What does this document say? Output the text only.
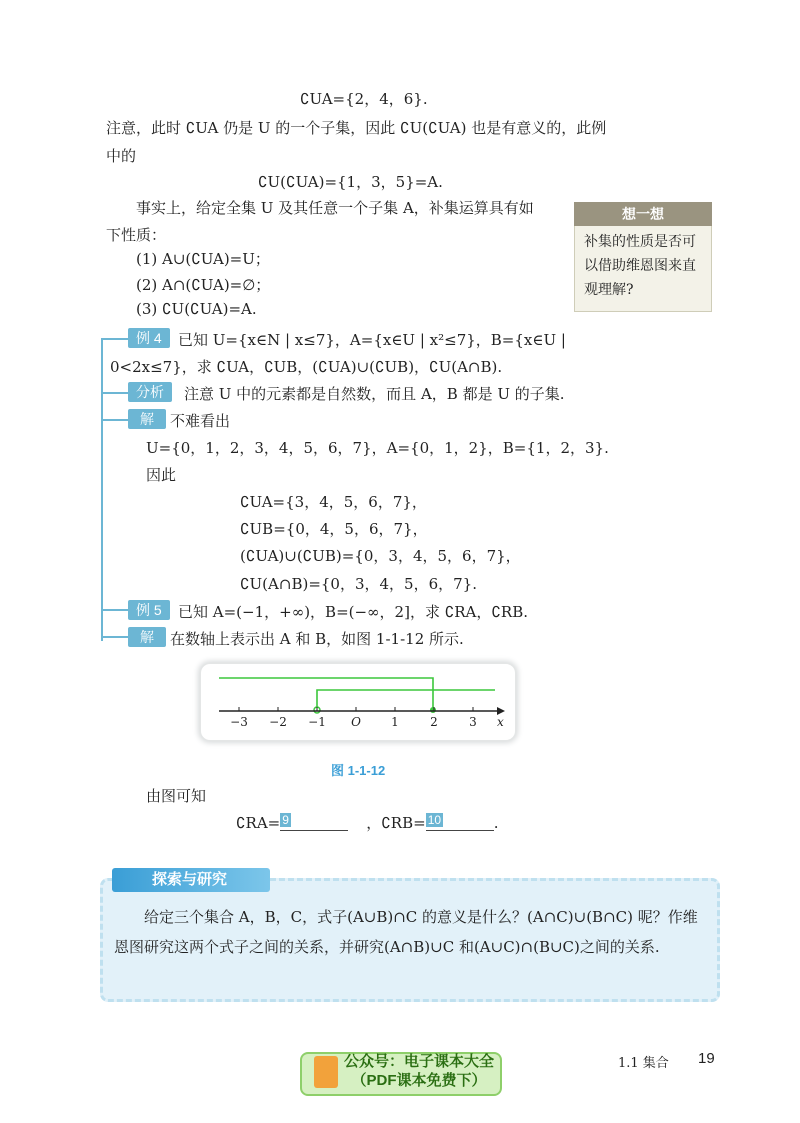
∁UA={2，4，6}.
注意，此时 ∁UA 仍是 U 的一个子集，因此 ∁U(∁UA) 也是有意义的，此例
中的
∁U(∁UA)={1，3，5}=A.
事实上，给定全集 U 及其任意一个子集 A，补集运算具有如
下性质：
(1) A∪(∁UA)=U；
(2) A∩(∁UA)=∅；
(3) ∁U(∁UA)=A.
想一想
补集的性质是否可以借助维恩图来直观理解?
例 4	已知 U={x∈N | x≤7}，A={x∈U | x²≤7}，B={x∈U |
0<2x≤7}，求 ∁UA，∁UB，(∁UA)∪(∁UB)，∁U(A∩B).
分析	注意 U 中的元素都是自然数，而且 A，B 都是 U 的子集.
解	不难看出
U={0，1，2，3，4，5，6，7}，A={0，1，2}，B={1，2，3}.
因此
∁UA={3，4，5，6，7}，
∁UB={0，4，5，6，7}，
(∁UA)∪(∁UB)={0，3，4，5，6，7}，
∁U(A∩B)={0，3，4，5，6，7}.
例 5	已知 A=(−1，+∞)，B=(−∞，2]，求 ∁RA，∁RB.
解	在数轴上表示出 A 和 B，如图 1-1-12 所示.
−3 −2 −1 O	1	2	3 x
图 1-1-12
由图可知
∁RA= 9	，∁RB= 10	.
探索与研究
给定三个集合 A，B，C，式子(A∪B)∩C 的意义是什么？(A∩C)∪(B∩C) 呢？作维恩图研究这两个式子之间的关系，并研究(A∩B)∪C 和(A∪C)∩(B∪C)之间的关系.
公众号：电子课本大全
（PDF课本免费下）
1.1 集合 19
